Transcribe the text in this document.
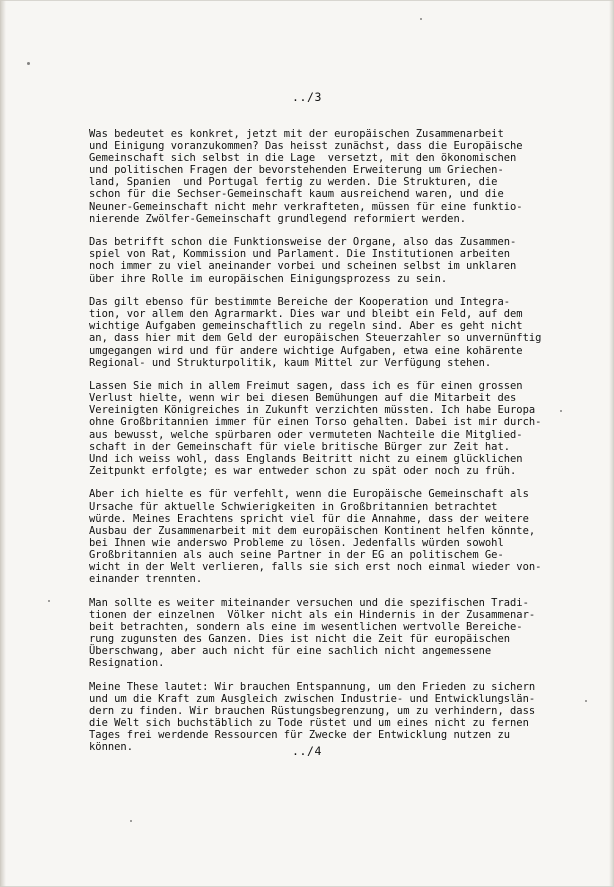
../3
Was bedeutet es konkret, jetzt mit der europäischen Zusammenarbeit
und Einigung voranzukommen? Das heisst zunächst, dass die Europäische
Gemeinschaft sich selbst in die Lage  versetzt, mit den ökonomischen
und politischen Fragen der bevorstehenden Erweiterung um Griechen-
land, Spanien  und Portugal fertig zu werden. Die Strukturen, die
schon für die Sechser-Gemeinschaft kaum ausreichend waren, und die
Neuner-Gemeinschaft nicht mehr verkrafteten, müssen für eine funktio-
nierende Zwölfer-Gemeinschaft grundlegend reformiert werden.
Das betrifft schon die Funktionsweise der Organe, also das Zusammen-
spiel von Rat, Kommission und Parlament. Die Institutionen arbeiten
noch immer zu viel aneinander vorbei und scheinen selbst im unklaren
über ihre Rolle im europäischen Einigungsprozess zu sein.
Das gilt ebenso für bestimmte Bereiche der Kooperation und Integra-
tion, vor allem den Agrarmarkt. Dies war und bleibt ein Feld, auf dem
wichtige Aufgaben gemeinschaftlich zu regeln sind. Aber es geht nicht
an, dass hier mit dem Geld der europäischen Steuerzahler so unvernünftig
umgegangen wird und für andere wichtige Aufgaben, etwa eine kohärente
Regional- und Strukturpolitik, kaum Mittel zur Verfügung stehen.
Lassen Sie mich in allem Freimut sagen, dass ich es für einen grossen
Verlust hielte, wenn wir bei diesen Bemühungen auf die Mitarbeit des
Vereinigten Königreiches in Zukunft verzichten müssten. Ich habe Europa
ohne Großbritannien immer für einen Torso gehalten. Dabei ist mir durch-
aus bewusst, welche spürbaren oder vermuteten Nachteile die Mitglied-
schaft in der Gemeinschaft für viele britische Bürger zur Zeit hat.
Und ich weiss wohl, dass Englands Beitritt nicht zu einem glücklichen
Zeitpunkt erfolgte; es war entweder schon zu spät oder noch zu früh.
Aber ich hielte es für verfehlt, wenn die Europäische Gemeinschaft als
Ursache für aktuelle Schwierigkeiten in Großbritannien betrachtet
würde. Meines Erachtens spricht viel für die Annahme, dass der weitere
Ausbau der Zusammenarbeit mit dem europäischen Kontinent helfen könnte,
bei Ihnen wie anderswo Probleme zu lösen. Jedenfalls würden sowohl
Großbritannien als auch seine Partner in der EG an politischem Ge-
wicht in der Welt verlieren, falls sie sich erst noch einmal wieder von-
einander trennten.
Man sollte es weiter miteinander versuchen und die spezifischen Tradi-
tionen der einzelnen  Völker nicht als ein Hindernis in der Zusammenar-
beit betrachten, sondern als eine im wesentlichen wertvolle Bereiche-
rung zugunsten des Ganzen. Dies ist nicht die Zeit für europäischen
Überschwang, aber auch nicht für eine sachlich nicht angemessene
Resignation.
Meine These lautet: Wir brauchen Entspannung, um den Frieden zu sichern
und um die Kraft zum Ausgleich zwischen Industrie- und Entwicklungslän-
dern zu finden. Wir brauchen Rüstungsbegrenzung, um zu verhindern, dass
die Welt sich buchstäblich zu Tode rüstet und um eines nicht zu fernen
Tages frei werdende Ressourcen für Zwecke der Entwicklung nutzen zu
können.	../4
